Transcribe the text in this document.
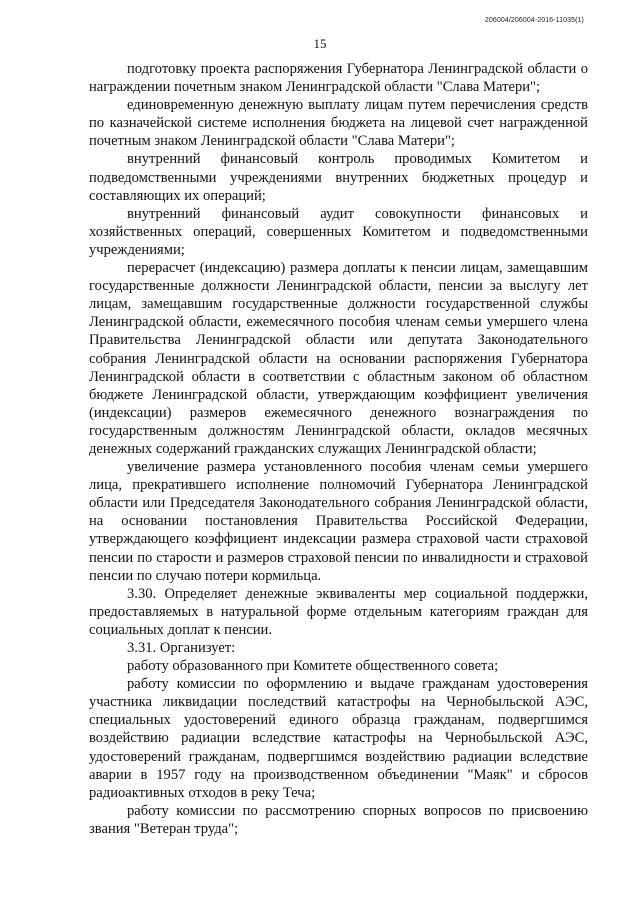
206004/206004-2016-11035(1)
15

подготовку проекта распоряжения Губернатора Ленинградской области о награждении почетным знаком Ленинградской области "Слава Матери";

единовременную денежную выплату лицам путем перечисления средств по казначейской системе исполнения бюджета на лицевой счет награжденной почетным знаком Ленинградской области "Слава Матери";

внутренний финансовый контроль проводимых Комитетом и подведомственными учреждениями внутренних бюджетных процедур и составляющих их операций;

внутренний финансовый аудит совокупности финансовых и хозяйственных операций, совершенных Комитетом и подведомственными учреждениями;

перерасчет (индексацию) размера доплаты к пенсии лицам, замещавшим государственные должности Ленинградской области, пенсии за выслугу лет лицам, замещавшим государственные должности государственной службы Ленинградской области, ежемесячного пособия членам семьи умершего члена Правительства Ленинградской области или депутата Законодательного собрания Ленинградской области на основании распоряжения Губернатора Ленинградской области в соответствии с областным законом об областном бюджете Ленинградской области, утверждающим коэффициент увеличения (индексации) размеров ежемесячного денежного вознаграждения по государственным должностям Ленинградской области, окладов месячных денежных содержаний гражданских служащих Ленинградской области;

увеличение размера установленного пособия членам семьи умершего лица, прекратившего исполнение полномочий Губернатора Ленинградской области или Председателя Законодательного собрания Ленинградской области, на основании постановления Правительства Российской Федерации, утверждающего коэффициент индексации размера страховой части страховой пенсии по старости и размеров страховой пенсии по инвалидности и страховой пенсии по случаю потери кормильца.

3.30. Определяет денежные эквиваленты мер социальной поддержки, предоставляемых в натуральной форме отдельным категориям граждан для социальных доплат к пенсии.

3.31. Организует:

работу образованного при Комитете общественного совета;

работу комиссии по оформлению и выдаче гражданам удостоверения участника ликвидации последствий катастрофы на Чернобыльской АЭС, специальных удостоверений единого образца гражданам, подвергшимся воздействию радиации вследствие катастрофы на Чернобыльской АЭС, удостоверений гражданам, подвергшимся воздействию радиации вследствие аварии в 1957 году на производственном объединении "Маяк" и сбросов радиоактивных отходов в реку Теча;

работу комиссии по рассмотрению спорных вопросов по присвоению звания "Ветеран труда";
